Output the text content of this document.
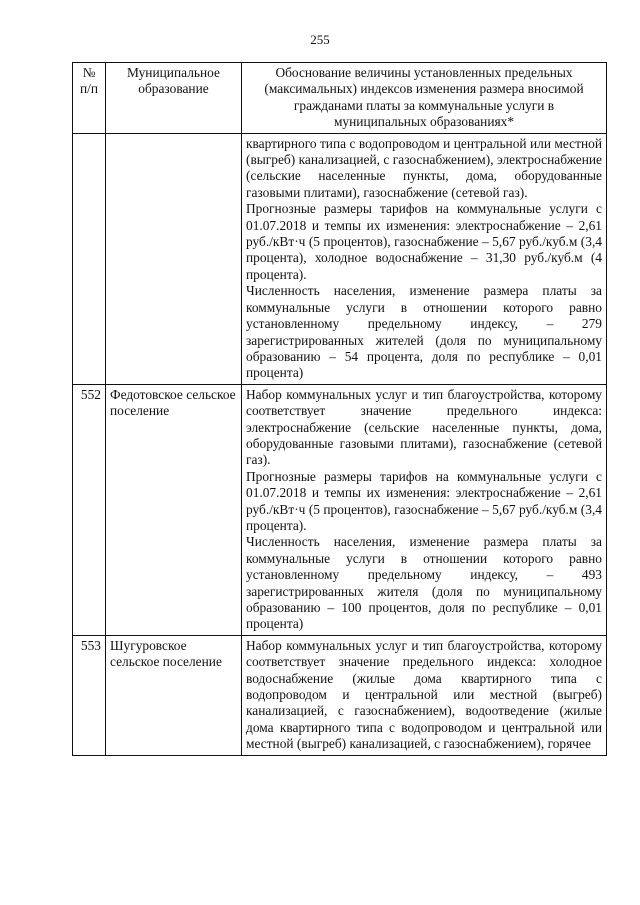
255
№ п/п	Муниципальное образование	Обоснование величины установленных предельных (максимальных) индексов изменения размера вносимой гражданами платы за коммунальные услуги в муниципальных образованиях*

		квартирного типа с водопроводом и центральной или местной (выгреб) канализацией, с газоснабжением), электроснабжение (сельские населенные пункты, дома, оборудованные газовыми плитами), газоснабжение (сетевой газ).

Прогнозные размеры тарифов на коммунальные услуги с 01.07.2018 и темпы их изменения: электроснабжение – 2,61 руб./кВт·ч (5 процентов), газоснабжение – 5,67 руб./куб.м (3,4 процента), холодное водоснабжение – 31,30 руб./куб.м (4 процента).

Численность населения, изменение размера платы за коммунальные услуги в отношении которого равно установленному предельному индексу, – 279 зарегистрированных жителей (доля по муниципальному образованию – 54 процента, доля по республике – 0,01 процента)

552	Федотовское сельское поселение	Набор коммунальных услуг и тип благоустройства, которому соответствует значение предельного индекса: электроснабжение (сельские населенные пункты, дома, оборудованные газовыми плитами), газоснабжение (сетевой газ).

Прогнозные размеры тарифов на коммунальные услуги с 01.07.2018 и темпы их изменения: электроснабжение – 2,61 руб./кВт·ч (5 процентов), газоснабжение – 5,67 руб./куб.м (3,4 процента).

Численность населения, изменение размера платы за коммунальные услуги в отношении которого равно установленному предельному индексу, – 493 зарегистрированных жителя (доля по муниципальному образованию – 100 процентов, доля по республике – 0,01 процента)

553	Шугуровское сельское поселение	Набор коммунальных услуг и тип благоустройства, которому соответствует значение предельного индекса: холодное водоснабжение (жилые дома квартирного типа с водопроводом и центральной или местной (выгреб) канализацией, с газоснабжением), водоотведение (жилые дома квартирного типа с водопроводом и центральной или местной (выгреб) канализацией, с газоснабжением), горячее
